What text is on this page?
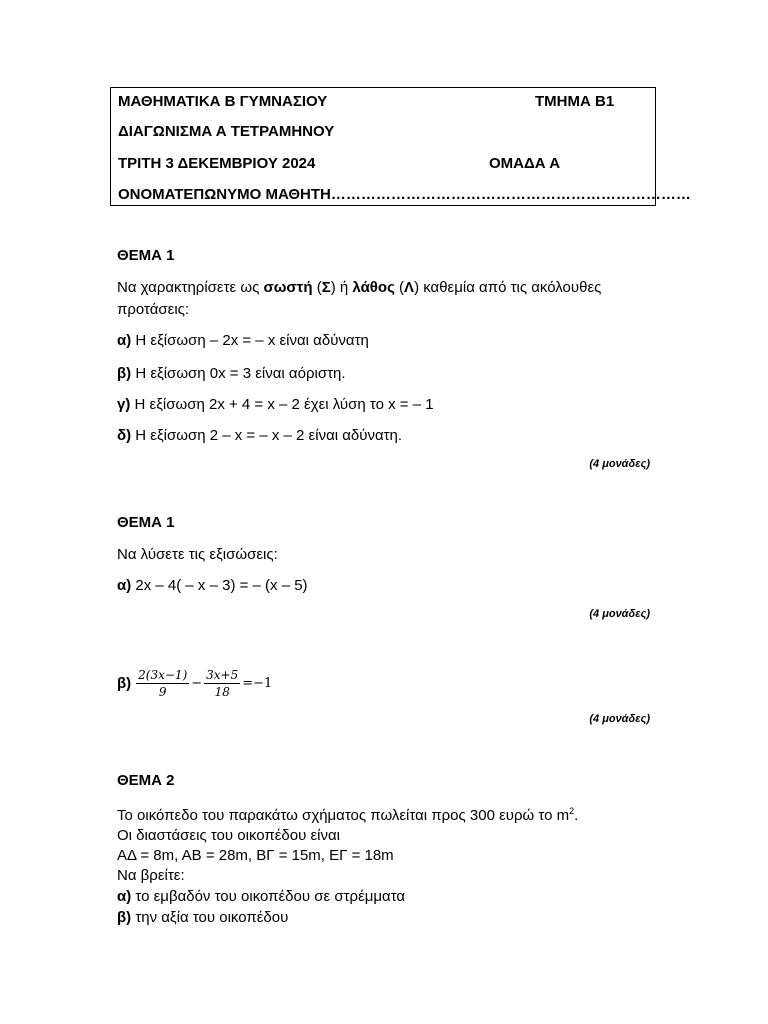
ΜΑΘΗΜΑΤΙΚΑ Β ΓΥΜΝΑΣΙΟΥ	ΤΜΗΜΑ Β1
ΔΙΑΓΩΝΙΣΜΑ Α ΤΕΤΡΑΜΗΝΟΥ
ΤΡΙΤΗ 3 ΔΕΚΕΜΒΡΙΟΥ 2024	ΟΜΑΔΑ Α
ΟΝΟΜΑΤΕΠΩΝΥΜΟ ΜΑΘΗΤΗ………………………………………………………………
ΘΕΜΑ 1
Να χαρακτηρίσετε ως σωστή (Σ) ή λάθος (Λ) καθεμία από τις ακόλουθες
προτάσεις:
α) Η εξίσωση – 2x = – x είναι αδύνατη
β) Η εξίσωση 0x = 3 είναι αόριστη.
γ) Η εξίσωση 2x + 4 = x – 2 έχει λύση το x = – 1
δ) Η εξίσωση 2 – x = – x – 2 είναι αδύνατη.
(4 μονάδες)
ΘΕΜΑ 1
Να λύσετε τις εξισώσεις:
α) 2x – 4( – x – 3) = – (x – 5)
(4 μονάδες)
$\beta) \frac{2(3x-1)}{9} - \frac{3x+5}{18} =-1$
(4 μονάδες)
ΘΕΜΑ 2
Το οικόπεδο του παρακάτω σχήματος πωλείται προς 300 ευρώ το $m^2$.
Οι διαστάσεις του οικοπέδου είναι
ΑΔ = 8m, AB = 28m, ΒΓ = 15m, ΕΓ = 18m
Να βρείτε:
α) το εμβαδόν του οικοπέδου σε στρέμματα
β) την αξία του οικοπέδου
